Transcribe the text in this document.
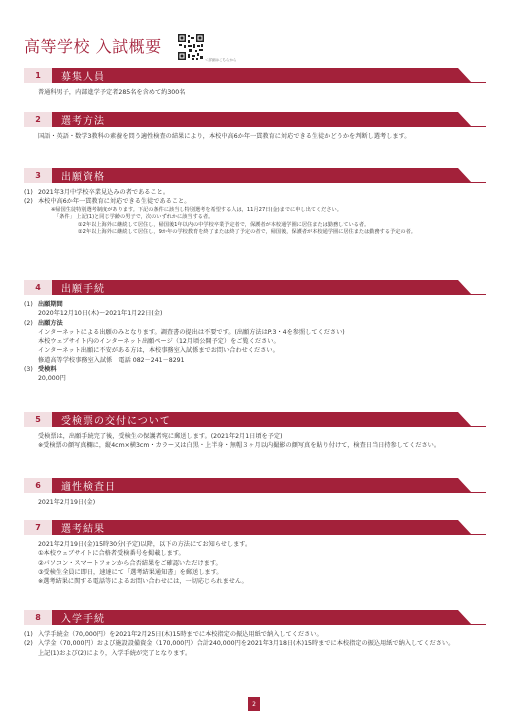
高等学校 入試概要
＜詳細はこちらから
1	募集人員
普通科男子，内部進学予定者285名を含めて約300名
2	選考方法
国語・英語・数学3教科の素養を問う適性検査の結果により，本校中高6か年一貫教育に対応できる生徒かどうかを判断し選考します。
3	出願資格
(1) 2021年3月中学校卒業見込みの者であること。
(2) 本校中高6か年一貫教育に対応できる生徒であること。
※帰国生徒特別選考制度があります。下記の条件に該当し特別選考を希望する人は，11月27日(金)までに申し出てください。
「条件」 上記(1)と同じ学齢の男子で，次のいずれかに該当する者。
① 2年以上海外に継続して居住し，帰国後1年以内の中学校卒業予定者で，保護者が本校通学圏に居住または勤務している者。
② 2年以上海外に継続して居住し，9か年の学校教育を終了または終了予定の者で，帰国後，保護者が本校通学圏に居住または勤務する予定の者。
4	出願手続
(1) 出願期間
2020年12月10日(木)～2021年1月22日(金)
(2) 出願方法
インターネットによる出願のみとなります。調査書の提出は不要です。(出願方法はP.3・4を参照してください)
本校ウェブサイト内のインターネット出願ページ（12月頃公開予定）をご覧ください。
インターネット出願に不安がある方は，本校事務室入試係までお問い合わせください。
修道高等学校事務室入試係　電話 082－241－8291
(3) 受検料
20,000円
5	受検票の交付について
受検票は，出願手続完了後，受検生の保護者宛に郵送します。(2021年2月1日頃を予定)
※受検票の顔写真欄に，縦4cm×横3cm・カラー又は白黒・上半身・無帽３ヶ月以内撮影の顔写真を貼り付けて，検査日当日持参してください。
6	適性検査日
2021年2月19日(金)
7	選考結果
2021年2月19日(金)15時30分(予定)以降，以下の方法にてお知らせします。
①本校ウェブサイトに合格者受検番号を掲載します。
②パソコン・スマートフォンから合否結果をご確認いただけます。
③受検生全員に即日，速達にて「選考結果通知書」を郵送します。
※選考結果に関する電話等によるお問い合わせには，一切応じられません。
8	入学手続
(1) 入学手続金（70,000円）を2021年2月25日(木)15時までに本校指定の振込用紙で納入してください。
(2) 入学金（70,000円）および施設設備資金（170,000円）合計240,000円を2021年3月18日(木)15時までに本校指定の振込用紙で納入してください。
上記(1)および(2)により，入学手続が完了となります。
2
